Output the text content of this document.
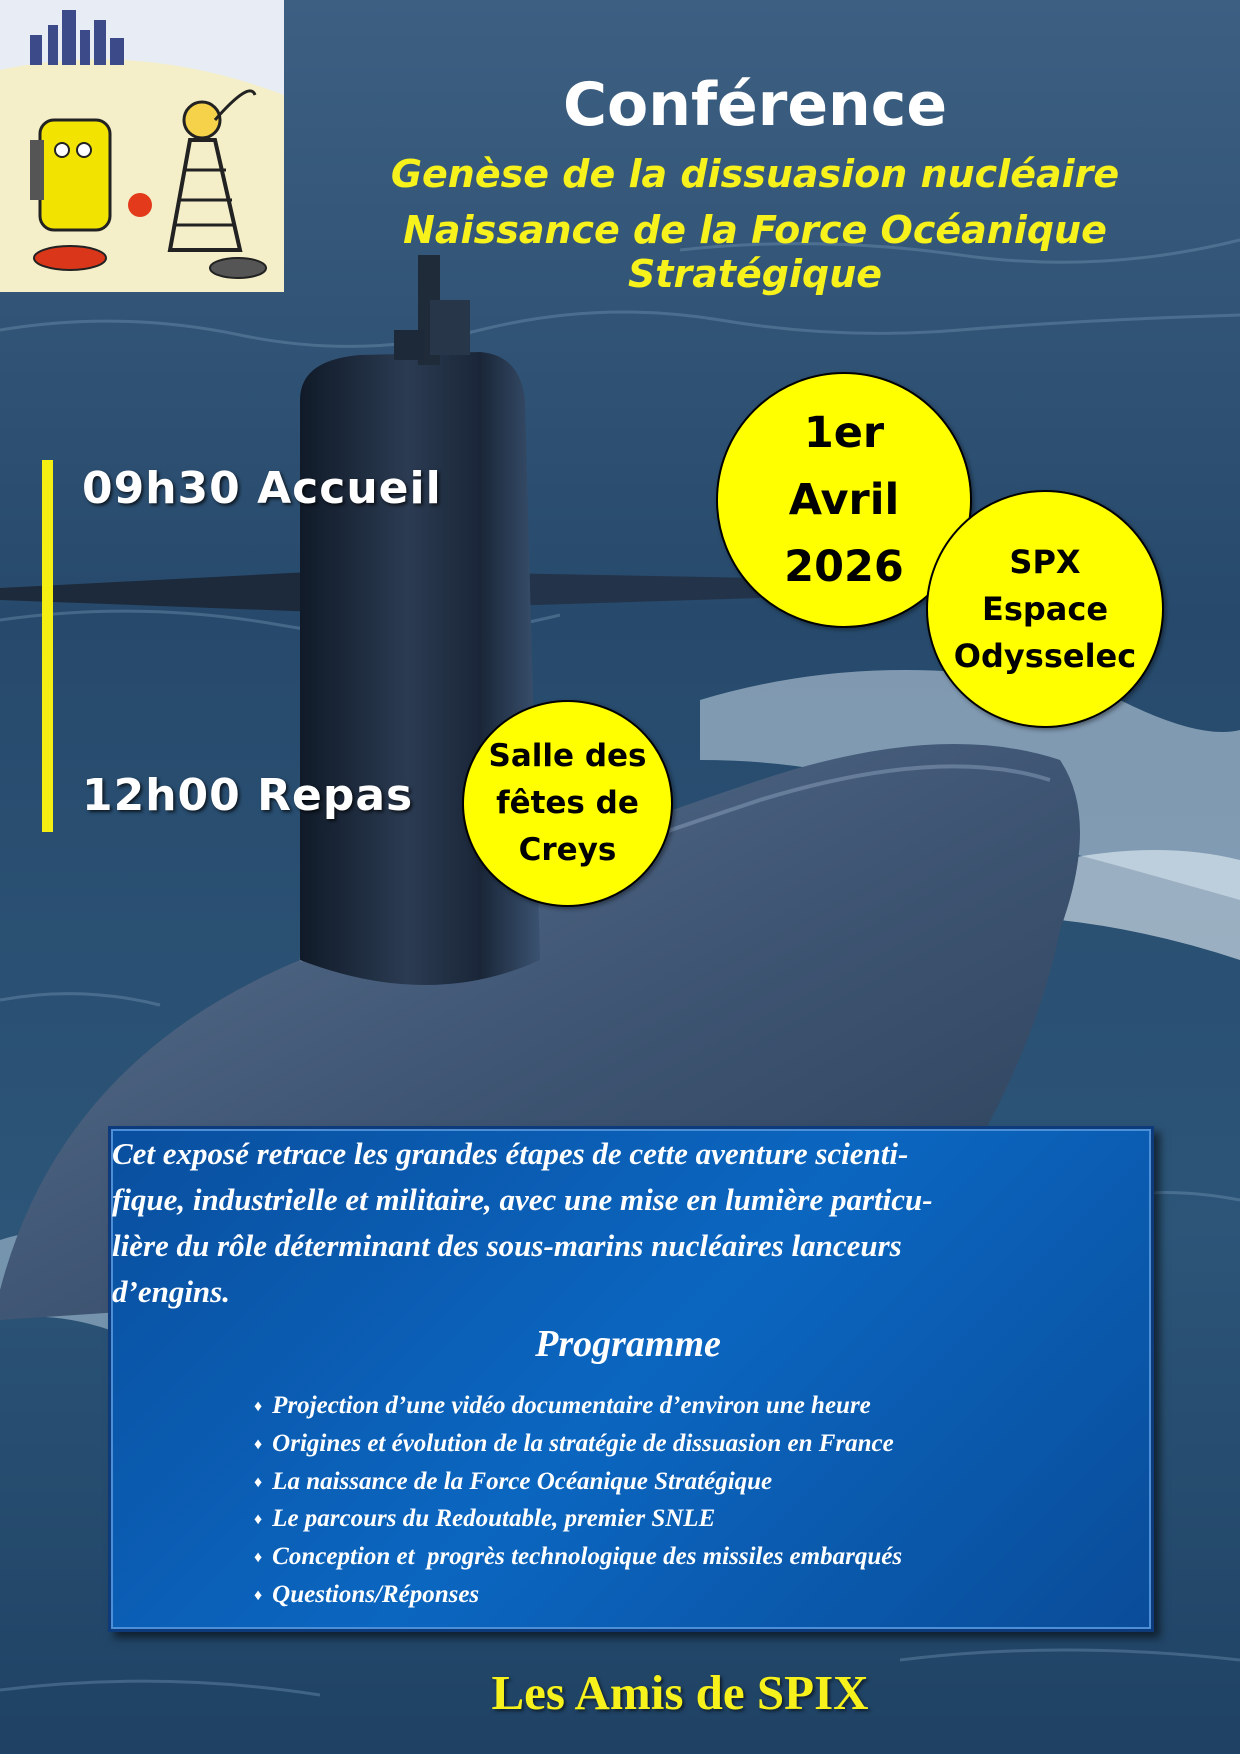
Conférence
Genèse de la dissuasion nucléaire
Naissance de la Force Océanique Stratégique
09h30 Accueil
12h00 Repas
1er
Avril
2026	SPX
Espace
Odysselec
Salle des
fêtes de
Creys
Cet exposé retrace les grandes étapes de cette aventure scienti-
fique, industrielle et militaire, avec une mise en lumière particu-
lière du rôle déterminant des sous-marins nucléaires lanceurs
d’engins.
Programme
♦ Projection d’une vidéo documentaire d’environ une heure
♦ Origines et évolution de la stratégie de dissuasion en France
♦ La naissance de la Force Océanique Stratégique
♦ Le parcours du Redoutable, premier SNLE
♦ Conception et  progrès technologique des missiles embarqués
♦ Questions/Réponses
Les Amis de SPIX
